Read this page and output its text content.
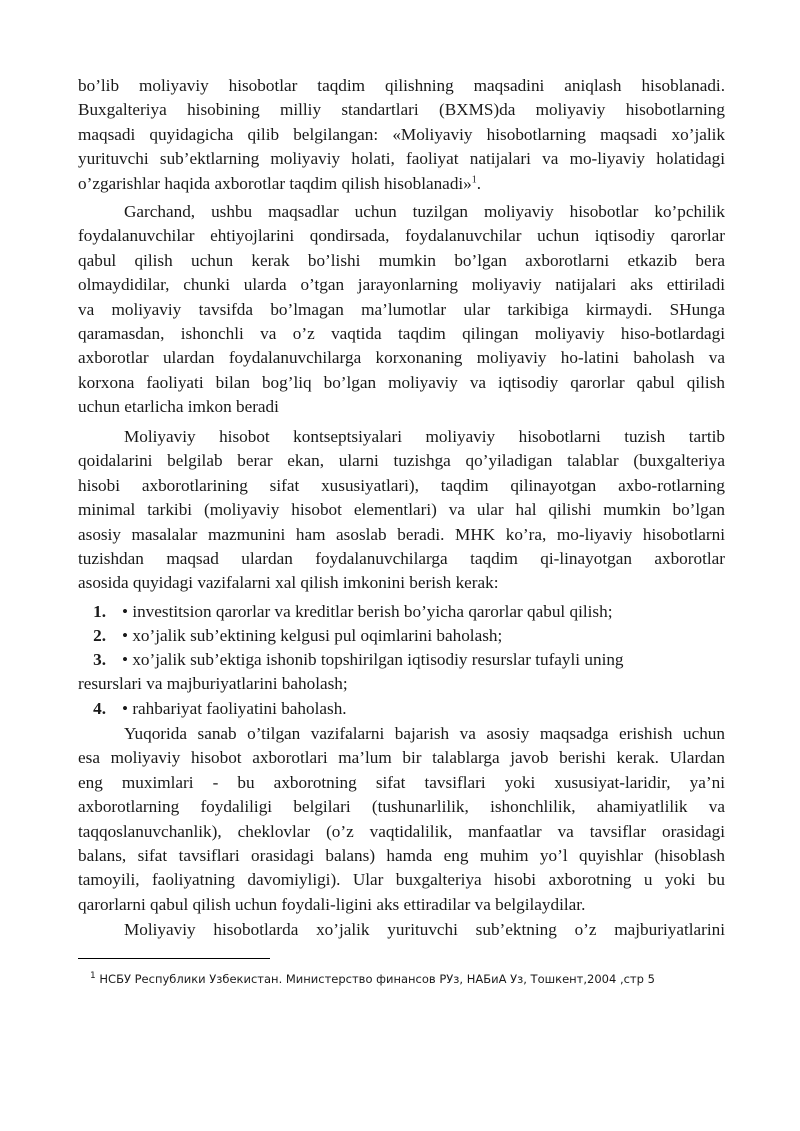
bo’lib moliyaviy hisobotlar taqdim qilishning maqsadini aniqlash hisoblanadi.
Buxgalteriya hisobining milliy standartlari (BXMS)da moliyaviy hisobotlarning
maqsadi quyidagicha qilib belgilangan: «Moliyaviy hisobotlarning maqsadi xo’jalik
yurituvchi sub’ektlarning moliyaviy holati, faoliyat natijalari va mo-liyaviy holatidagi
o’zgarishlar haqida axborotlar taqdim qilish hisoblanadi»$^1$.
Garchand, ushbu maqsadlar uchun tuzilgan moliyaviy hisobotlar ko’pchilik
foydalanuvchilar ehtiyojlarini qondirsada, foydalanuvchilar uchun iqtisodiy qarorlar
qabul qilish uchun kerak bo’lishi mumkin bo’lgan axborotlarni etkazib bera
olmaydidilar, chunki ularda o’tgan jarayonlarning moliyaviy natijalari aks ettiriladi
va moliyaviy tavsifda bo’lmagan ma’lumotlar ular tarkibiga kirmaydi. SHunga
qaramasdan, ishonchli va o’z vaqtida taqdim qilingan moliyaviy hiso-botlardagi
axborotlar ulardan foydalanuvchilarga korxonaning moliyaviy ho-latini baholash va
korxona faoliyati bilan bog’liq bo’lgan moliyaviy va iqtisodiy qarorlar qabul qilish
uchun etarlicha imkon beradi
Moliyaviy hisobot kontseptsiyalari moliyaviy hisobotlarni tuzish tartib
qoidalarini belgilab berar ekan, ularni tuzishga qo’yiladigan talablar (buxgalteriya
hisobi axborotlarining sifat xususiyatlari), taqdim qilinayotgan axbo-rotlarning
minimal tarkibi (moliyaviy hisobot elementlari) va ular hal qilishi mumkin bo’lgan
asosiy masalalar mazmunini ham asoslab beradi. MHK ko’ra, mo-liyaviy hisobotlarni
tuzishdan maqsad ulardan foydalanuvchilarga taqdim qi-linayotgan axborotlar
asosida quyidagi vazifalarni xal qilish imkonini berish kerak:
1. • investitsion qarorlar va kreditlar berish bo’yicha qarorlar qabul qilish;
2. • xo’jalik sub’ektining kelgusi pul oqimlarini baholash;
3. • xo’jalik sub’ektiga ishonib topshirilgan iqtisodiy resurslar tufayli uning
resurslari va majburiyatlarini baholash;
4. • rahbariyat faoliyatini baholash.
Yuqorida sanab o’tilgan vazifalarni bajarish va asosiy maqsadga erishish uchun
esa moliyaviy hisobot axborotlari ma’lum bir talablarga javob berishi kerak. Ulardan
eng muximlari - bu axborotning sifat tavsiflari yoki xususiyat-laridir, ya’ni
axborotlarning foydaliligi belgilari (tushunarlilik, ishonchlilik, ahamiyatlilik va
taqqoslanuvchanlik), cheklovlar (o’z vaqtidalilik, manfaatlar va tavsiflar orasidagi
balans, sifat tavsiflari orasidagi balans) hamda eng muhim yo’l quyishlar (hisoblash
tamoyili, faoliyatning davomiyligi). Ular buxgalteriya hisobi axborotning u yoki bu
qarorlarni qabul qilish uchun foydali-ligini aks ettiradilar va belgilaydilar.
Moliyaviy hisobotlarda xo’jalik yurituvchi sub’ektning o’z majburiyatlarini
$^1$ НСБУ Республики Узбекистан. Министерство финансов РУз, НАБиА Уз, Тошкент,2004 ,стр 5
